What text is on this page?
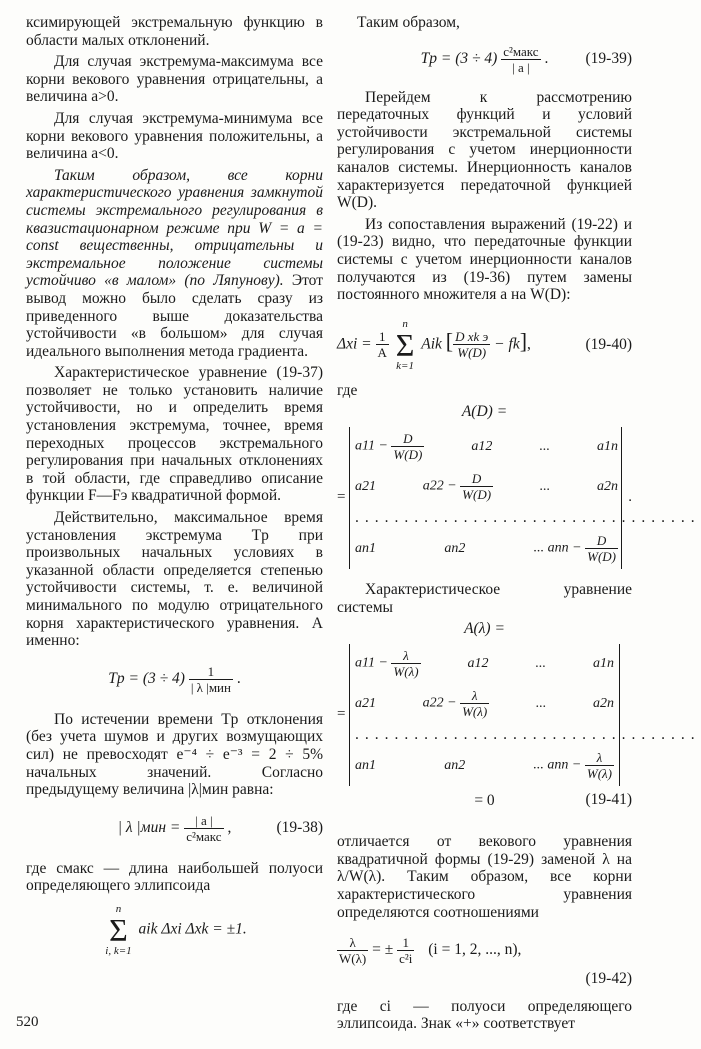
ксимирующей экстремальную функцию в области малых отклонений.

Для случая экстремума-максимума все корни векового уравнения отрицательны, а величина a>0.

Для случая экстремума-минимума все корни векового уравнения положительны, а величина a<0.

Таким образом, все корни характеристического уравнения замкнутой системы экстремального регулирования в квазистационарном режиме при W = a = const вещественны, отрицательны и экстремальное положение системы устойчиво «в малом» (по Ляпунову). Этот вывод можно было сделать сразу из приведенного выше доказательства устойчивости «в большом» для случая идеального выполнения метода градиента.

Характеристическое уравнение (19-37) позволяет не только установить наличие устойчивости, но и определить время установления экстремума, точнее, время переходных процессов экстремального регулирования при начальных отклонениях в той области, где справедливо описание функции F—Fэ квадратичной формой.

Действительно, максимальное время установления экстремума Tр при произвольных начальных условиях в указанной области определяется степенью устойчивости системы, т. е. величиной минимального по модулю отрицательного корня характеристического уравнения. А именно:

Tр = $(3 \div 4) \frac{1}{\text{| λ |мин}}$ .

По истечении времени Tр отклонения (без учета шумов и других возмущающих сил) не превосходят e⁻⁴ ÷ e⁻³ = 2 ÷ 5% начальных значений. Согласно предыдущему величина |λ|мин равна:

| λ $|мин = \frac{| a |}{\text{c²макс}}$ ,	(19-38)

где cмакс — длина наибольшей полуоси определяющего эллипсоида

n
Σ
i, k=1
aik Δxi Δxk = ±1.

Таким образом,

Tр = $(3 \div 4) \frac{\text{c²макс}}{| a |}$ . (19-39)

Перейдем к рассмотрению передаточных функций и условий устойчивости экстремальной системы регулирования с учетом инерционности каналов системы. Инерционность каналов характеризуется передаточной функцией W(D).

Из сопоставления выражений (19-22) и (19-23) видно, что передаточные функции системы с учетом инерционности каналов получаются из (19-36) путем замены постоянного множителя a на W(D):

$\Delta xi = \frac{1}{A}$

n
Σ
k=1
Aik [ $\frac{\text{D xk э}}{W(D)} - fk$],	(19-40)

где

A(D) =
=	.
$a11 - \frac{D}{W(D)}$	a12	...	a1n
a21	$a22 - \frac{D}{W(D)}$	...	a2n
...................................
an1	an2	... ann − $\frac{D}{W(D)}$

Характеристическое уравнение системы

A(λ) =
=
$a11 - \frac{\lambda}{W(\lambda)}$	a12	...	a1n
a21	$a22 - \frac{\lambda}{W(\lambda)}$	...	a2n
...................................
an1	an2	... ann − $\frac{\lambda}{W(\lambda)}$
= 0	(19-41)

отличается от векового уравнения квадратичной формы (19-29) заменой λ на λ/W(λ). Таким образом, все корни характеристического уравнения определяются соотношениями

$\frac{\lambda}{W(\lambda)}$ = ± $\frac{1}{\text{c²i}} (i = 1$, 2, ..., n),
(19-42)

где ci — полуоси определяющего эллипсоида. Знак «+» соответствует

520
